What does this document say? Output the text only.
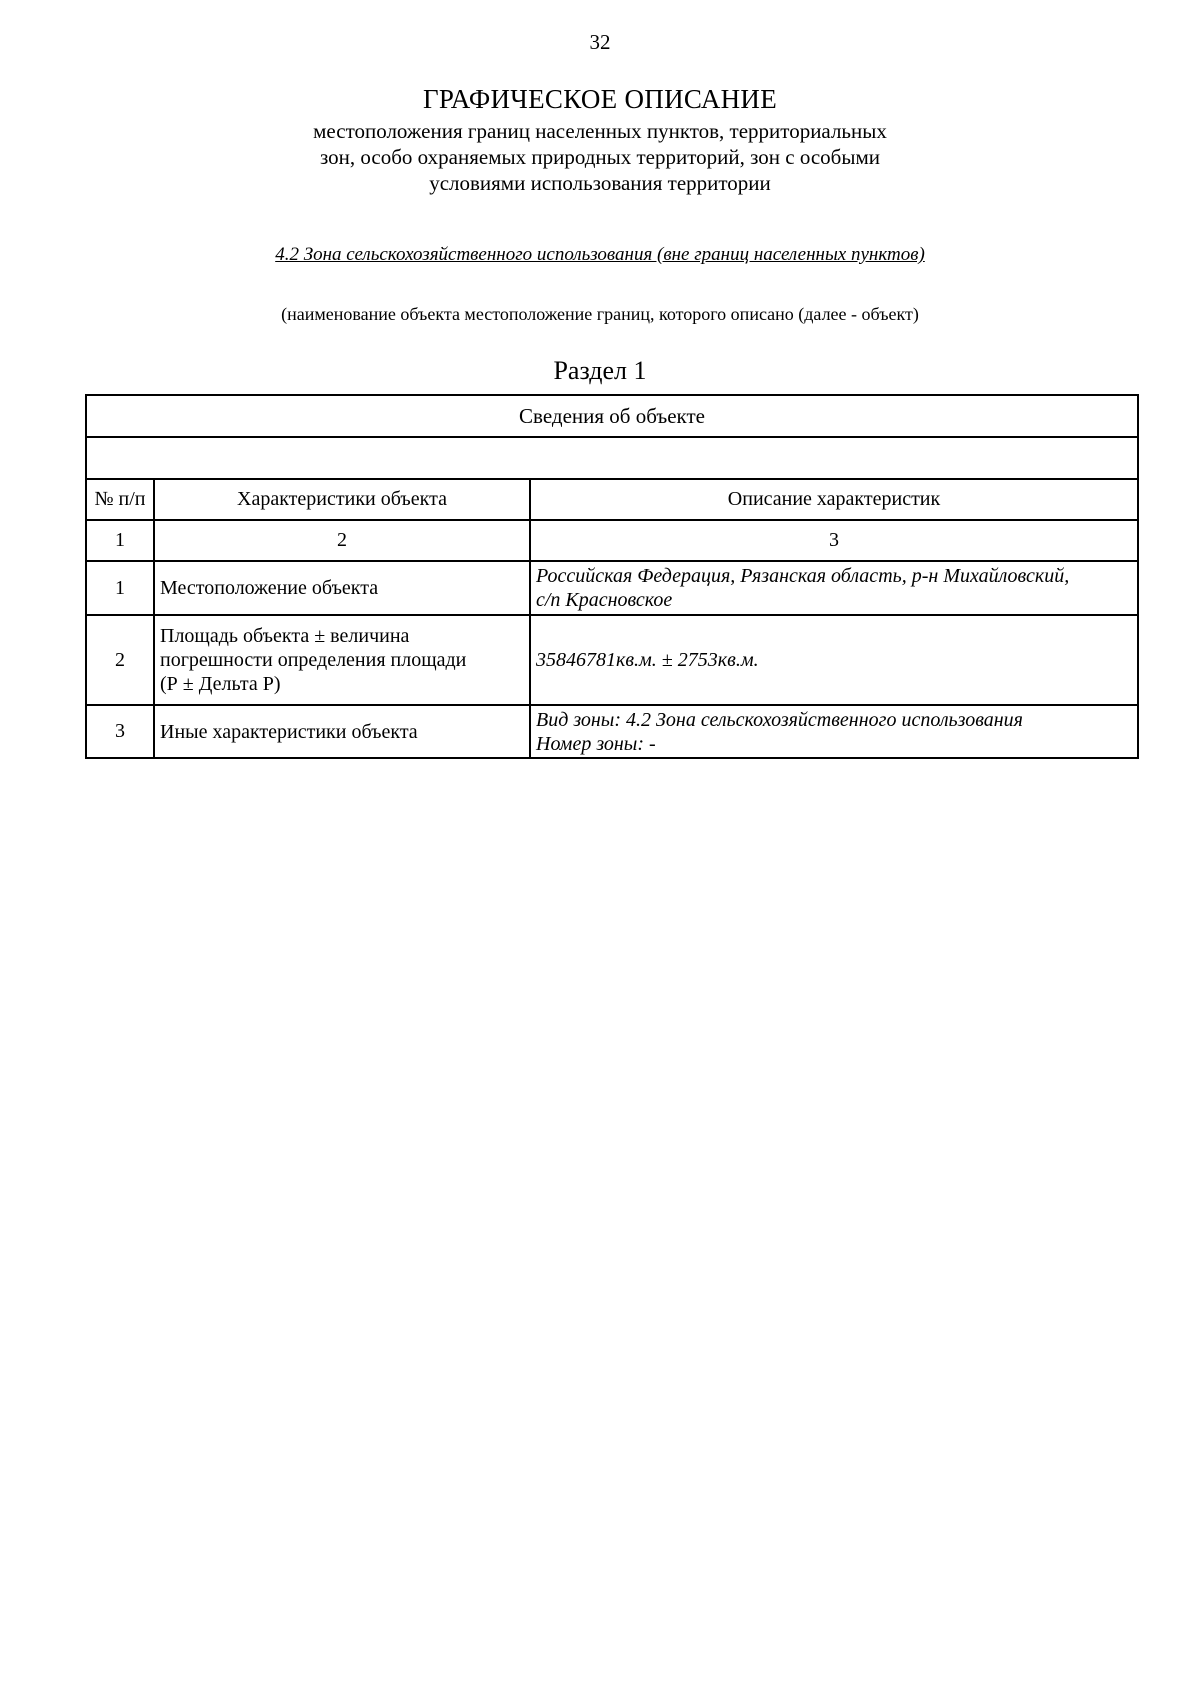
32
ГРАФИЧЕСКОЕ ОПИСАНИЕ
местоположения границ населенных пунктов, территориальных
зон, особо охраняемых природных территорий, зон с особыми
условиями использования территории
4.2 Зона сельскохозяйственного использования (вне границ населенных пунктов)
(наименование объекта местоположение границ, которого описано (далее - объект)
Раздел 1
Сведения об объекте		

№ п/п	Характеристики объекта	Описание характеристик
1	2	3
1	Местоположение объекта	Российская Федерация, Рязанская область, р-н Михайловский,
с/п Красновское

2	Площадь объекта ± величина
погрешности определения площади
(Р ± Дельта Р)	35846781кв.м. ± 2753кв.м.

3	Иные характеристики объекта	Вид зоны: 4.2 Зона сельскохозяйственного использования
Номер зоны: -
